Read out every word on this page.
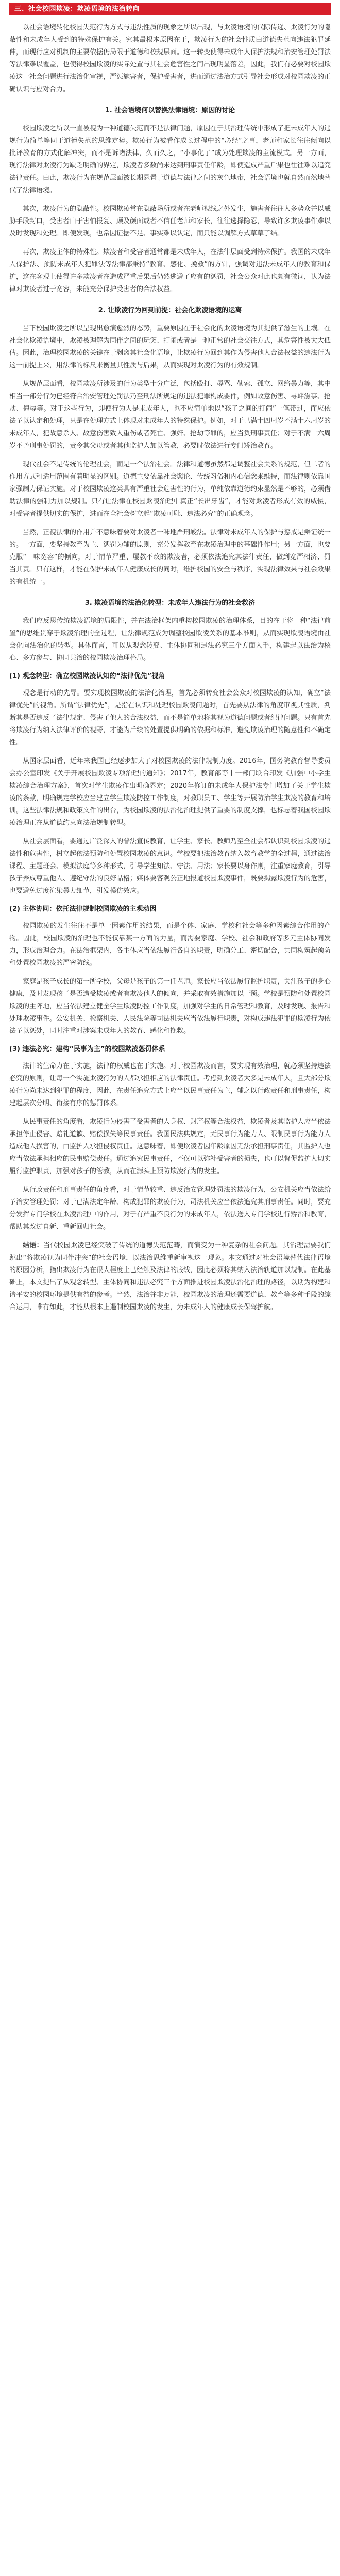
三、社会校园欺凌：欺凌语境的法治转向

以社会语境转化校园失范行为方式与违法性质的现象之所以出现，与欺凌语境的代际传递、欺凌行为的隐蔽性和未成年人受到的特殊保护有关。究其最根本原因在于，欺凌行为的社会性质由道德失范向违法犯罪延伸，而现行应对机制的主要依据仍局限于道德和校规层面。这一转变使得未成年人保护法规和治安管理处罚法等法律难以覆盖，也使得校园欺凌的实际处置与其社会危害性之间出现明显落差，因此，我们有必要对校园欺凌这一社会问题进行法治化审视，严惩施害者，保护受害者，进而通过法治方式引导社会形成对校园欺凌的正确认识与应对合力。

1. 社会语境何以替换法律语境：原因的讨论

校园欺凌之所以一直被视为一种道德失范而不是法律问题，原因在于其治理传统中形成了把未成年人的违规行为简单等同于道德失范的思维定势。欺凌行为被看作成长过程中的“必经”之事，老师和家长往往倾向以批评教育的方式化解冲突，而不是诉诸法律，久而久之，“小事化了”成为处理欺凌的主流模式。另一方面，现行法律对欺凌行为缺乏明确的界定，欺凌者多数尚未达到刑事责任年龄，即使造成严重后果也往往难以追究法律责任。由此，欺凌行为在规范层面被长期悬置于道德与法律之间的灰色地带，社会语境也就自然而然地替代了法律语境。

其次，欺凌行为的隐蔽性。校园欺凌常在隐蔽场所或者在老师视线之外发生，施害者往往人多势众并以威胁手段封口，受害者由于害怕报复、顾及颜面或者不信任老师和家长，往往选择隐忍，导致许多欺凌事件难以及时发现和处理。即便发现，也常因证据不足、事实难以认定，而只能以调解方式草草了结。

再次，欺凌主体的特殊性。欺凌者和受害者通常都是未成年人，在法律层面受到特殊保护。我国的未成年人保护法、预防未成年人犯罪法等法律都秉持“教育、感化、挽救”的方针，强调对违法未成年人的教育和保护，这在客观上使得许多欺凌者在造成严重后果后仍然逃避了应有的惩罚，社会公众对此也颇有微词，认为法律对欺凌者过于宽容，未能充分保护受害者的合法权益。

2. 让欺凌行为回到前提：社会化欺凌语境的运离

当下校园欺凌之所以呈现出愈演愈烈的态势，重要原因在于社会化的欺凌语境为其提供了滋生的土壤。在社会化欺凌语境中，欺凌被理解为同伴之间的玩笑、打闹或者是一种正常的社会交往方式，其危害性被大大低估。因此，治理校园欺凌的关键在于剥离其社会化语境，让欺凌行为回到其作为侵害他人合法权益的违法行为这一前提上来，用法律的标尺来衡量其性质与后果，从而实现对欺凌行为的有效规制。

从规范层面看，校园欺凌所涉及的行为类型十分广泛，包括殴打、辱骂、勒索、孤立、网络暴力等，其中相当一部分行为已经符合治安管理处罚法乃至刑法所规定的违法犯罪构成要件，例如故意伤害、寻衅滋事、抢劫、侮辱等。对于这些行为，即便行为人是未成年人，也不应简单地以“孩子之间的打闹”一笔带过，而应依法予以认定和处理，只是在处理方式上体现对未成年人的特殊保护。例如，对于已满十四周岁不满十六周岁的未成年人，犯故意杀人、故意伤害致人重伤或者死亡、强奸、抢劫等罪的，应当负刑事责任；对于不满十六周岁不予刑事处罚的，责令其父母或者其他监护人加以管教，必要时依法进行专门矫治教育。

现代社会不是传统的伦理社会，而是一个法治社会。法律和道德虽然都是调整社会关系的规范，但二者的作用方式和适用范围有着明显的区别。道德主要依靠社会舆论、传统习俗和内心信念来维持，而法律则依靠国家强制力保证实施。对于校园欺凌这类具有严重社会危害性的行为，单纯依靠道德约束显然是不够的，必须借助法律的强制力加以规制。只有让法律在校园欺凌治理中真正“长出牙齿”，才能对欺凌者形成有效的威慑，对受害者提供切实的保护，进而在全社会树立起“欺凌可耻、违法必究”的正确观念。

当然，正视法律的作用并不意味着要对欺凌者一味地严刑峻法。法律对未成年人的保护与惩戒是辩证统一的。一方面，要坚持教育为主、惩罚为辅的原则，充分发挥教育在欺凌治理中的基础性作用；另一方面，也要克服“一味宽容”的倾向，对于情节严重、屡教不改的欺凌者，必须依法追究其法律责任，做到宽严相济、罚当其责。只有这样，才能在保护未成年人健康成长的同时，维护校园的安全与秩序，实现法律效果与社会效果的有机统一。

3. 欺凌语境的法治化转型：未成年人违法行为的社会救济

我们应反思传统欺凌语境的局限性，并在法治框架内重构校园欺凌的治理体系，目的在于将一种“法律前置”的思维贯穿于欺凌治理的全过程，让法律规范成为调整校园欺凌关系的基本准则，从而实现欺凌语境由社会化向法治化的转型。具体而言，可以从观念转变、主体协同和违法必究三个方面入手，构建起以法治为核心、多方参与、协同共治的校园欺凌治理格局。

(1) 观念转型：确立校园欺凌认知的“法律优先”视角

观念是行动的先导。要实现校园欺凌的法治化治理，首先必须转变社会公众对校园欺凌的认知，确立“法律优先”的视角。所谓“法律优先”，是指在认识和处理校园欺凌问题时，首先要从法律的角度审视其性质，判断其是否违反了法律规定、侵害了他人的合法权益，而不是简单地将其视为道德问题或者纪律问题。只有首先将欺凌行为纳入法律评价的视野，才能为后续的处置提供明确的依据和标准，避免欺凌治理的随意性和不确定性。

从国家层面看，近年来我国已经逐步加大了对校园欺凌的法律规制力度。2016年，国务院教育督导委员会办公室印发《关于开展校园欺凌专项治理的通知》；2017年，教育部等十一部门联合印发《加强中小学生欺凌综合治理方案》，首次对学生欺凌作出明确界定；2020年修订的未成年人保护法专门增加了关于学生欺凌的条款，明确规定学校应当建立学生欺凌防控工作制度，对教职员工、学生等开展防治学生欺凌的教育和培训。这些法律法规和政策文件的出台，为校园欺凌的法治化治理提供了重要的制度支撑，也标志着我国校园欺凌治理正在从道德约束向法治规制转型。

从社会层面看，要通过广泛深入的普法宣传教育，让学生、家长、教师乃至全社会都认识到校园欺凌的违法性和危害性，树立起依法预防和处置校园欺凌的意识。学校要把法治教育纳入教育教学的全过程，通过法治课程、主题班会、模拟法庭等多种形式，引导学生知法、守法、用法；家长要以身作则，注重家庭教育，引导孩子养成尊重他人、遵纪守法的良好品格；媒体要客观公正地报道校园欺凌事件，既要揭露欺凌行为的危害，也要避免过度渲染暴力细节，引发模仿效应。

(2) 主体协同：依托法律规制校园欺凌的主观动因

校园欺凌的发生往往不是单一因素作用的结果，而是个体、家庭、学校和社会等多种因素综合作用的产物。因此，校园欺凌的治理也不能仅靠某一方面的力量，而需要家庭、学校、社会和政府等多元主体协同发力，形成治理合力。在法治框架内，各主体应当依法履行各自的职责，明确分工、密切配合，共同构筑起预防和处置校园欺凌的严密防线。

家庭是孩子成长的第一所学校，父母是孩子的第一任老师。家长应当依法履行监护职责，关注孩子的身心健康，及时发现孩子是否遭受欺凌或者有欺凌他人的倾向，并采取有效措施加以干预。学校是预防和处置校园欺凌的主阵地，应当依法建立健全学生欺凌防控工作制度，加强对学生的日常管理和教育，及时发现、报告和处理欺凌事件。公安机关、检察机关、人民法院等司法机关应当依法履行职责，对构成违法犯罪的欺凌行为依法予以惩处，同时注重对涉案未成年人的教育、感化和挽救。

(3) 违法必究：建构“民事为主”的校园欺凌惩罚体系

法律的生命力在于实施，法律的权威也在于实施。对于校园欺凌而言，要实现有效治理，就必须坚持违法必究的原则，让每一个实施欺凌行为的人都承担相应的法律责任。考虑到欺凌者大多是未成年人，且大部分欺凌行为尚未达到犯罪的程度，因此，在责任追究方式上应当以民事责任为主，辅之以行政责任和刑事责任，构建起层次分明、衔接有序的惩罚体系。

从民事责任的角度看，欺凌行为侵害了受害者的人身权、财产权等合法权益，欺凌者及其监护人应当依法承担停止侵害、赔礼道歉、赔偿损失等民事责任。我国民法典规定，无民事行为能力人、限制民事行为能力人造成他人损害的，由监护人承担侵权责任。这意味着，即便欺凌者因年龄原因无法承担刑事责任，其监护人也应当依法承担相应的民事赔偿责任。通过追究民事责任，不仅可以弥补受害者的损失，也可以督促监护人切实履行监护职责，加强对孩子的管教，从而在源头上预防欺凌行为的发生。

从行政责任和刑事责任的角度看，对于情节较重、违反治安管理处罚法的欺凌行为，公安机关应当依法给予治安管理处罚；对于已满法定年龄、构成犯罪的欺凌行为，司法机关应当依法追究其刑事责任。同时，要充分发挥专门学校在欺凌治理中的作用，对于有严重不良行为的未成年人，依法送入专门学校进行矫治和教育，帮助其改过自新、重新回归社会。

结语：当代校园欺凌已经突破了传统的道德失范范畴，而演变为一种复杂的社会问题。其治理需要我们跳出“将欺凌视为同伴冲突”的社会语境，以法治思维重新审视这一现象。本文通过对社会语境替代法律语境的原因分析，指出欺凌行为在很大程度上已经触及法律的底线，因此必须将其纳入法治轨道加以规制。在此基础上，本文提出了从观念转型、主体协同和违法必究三个方面推进校园欺凌法治化治理的路径，以期为构建和谐平安的校园环境提供有益的参考。当然，法治并非万能，校园欺凌的治理还需要道德、教育等多种手段的综合运用，唯有如此，才能从根本上遏制校园欺凌的发生，为未成年人的健康成长保驾护航。
